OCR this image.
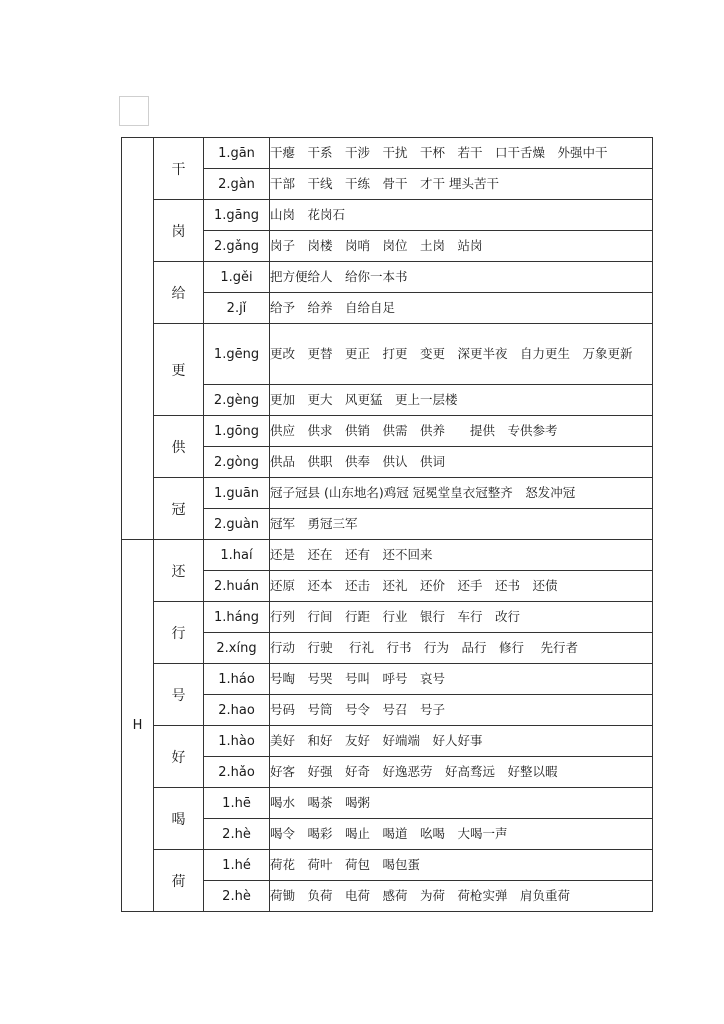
	干	1.gān	干瘪　干系　干涉　干扰　干杯　若干　口干舌燥　外强中干
		2.gàn	干部　干线　干练　骨干　才干 埋头苦干
	岗	1.gāng	山岗　花岗石
		2.gǎng	岗子　岗楼　岗哨　岗位　土岗　站岗
	给	1.gěi	把方便给人　给你一本书
		2.jǐ	给予　给养　自给自足
	更	1.gēng	更改　更替　更正　打更　变更　深更半夜　自力更生　万象更新
		2.gèng	更加　更大　风更猛　更上一层楼
	供	1.gōng	供应　供求　供销　供需　供养　　提供　专供参考
		2.gòng	供品　供职　供奉　供认　供词
	冠	1.guān	冠子冠县 (山东地名)鸡冠 冠冕堂皇衣冠整齐　怒发冲冠
		2.guàn	冠军　勇冠三军
H	还	1.haí	还是　还在　还有　还不回来
		2.huán	还原　还本　还击　还礼　还价　还手　还书　还债
	行	1.háng	行列　行间　行距　行业　银行　车行　改行
		2.xíng	行动　行驶　 行礼　行书　行为　品行　修行　 先行者
	号	1.háo	号啕　号哭　号叫　呼号　哀号
		2.hao	号码　号筒　号令　号召　号子
	好	1.hào	美好　和好　友好　好端端　好人好事
		2.hǎo	好客　好强　好奇　好逸恶劳　好高骛远　好整以暇
	喝	1.hē	喝水　喝茶　喝粥
		2.hè	喝令　喝彩　喝止　喝道　吆喝　大喝一声
	荷	1.hé	荷花　荷叶　荷包　喝包蛋
		2.hè	荷锄　负荷　电荷　感荷　为荷　荷枪实弹　肩负重荷
